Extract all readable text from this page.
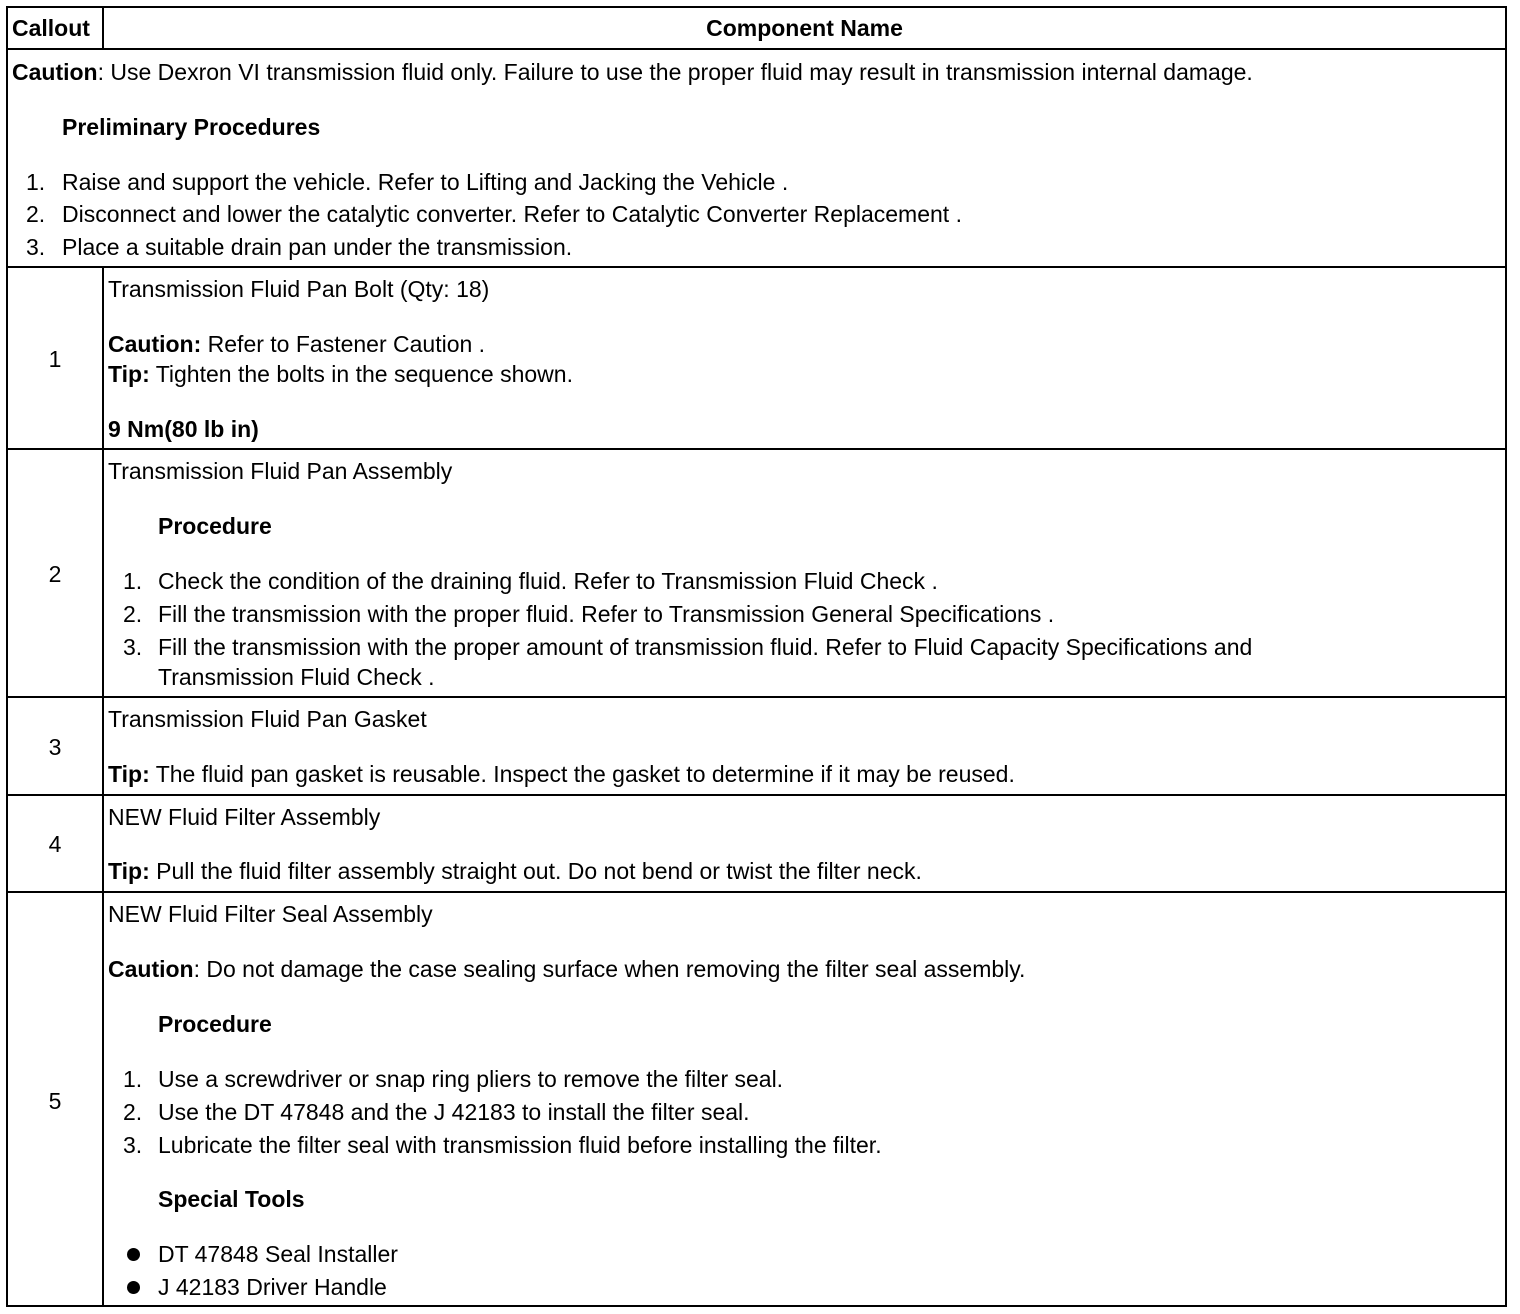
Callout	Component Name
Caution: Use Dexron VI transmission fluid only. Failure to use the proper fluid may result in transmission internal damage.
Preliminary Procedures
1. Raise and support the vehicle. Refer to Lifting and Jacking the Vehicle .
2. Disconnect and lower the catalytic converter. Refer to Catalytic Converter Replacement .
3. Place a suitable drain pan under the transmission.
1
Transmission Fluid Pan Bolt (Qty: 18)
Caution: Refer to Fastener Caution .
Tip: Tighten the bolts in the sequence shown.
9 Nm(80 lb in)
2
Transmission Fluid Pan Assembly
Procedure
1. Check the condition of the draining fluid. Refer to Transmission Fluid Check .
2. Fill the transmission with the proper fluid. Refer to Transmission General Specifications .
3. Fill the transmission with the proper amount of transmission fluid. Refer to Fluid Capacity Specifications and
Transmission Fluid Check .
3
Transmission Fluid Pan Gasket
Tip: The fluid pan gasket is reusable. Inspect the gasket to determine if it may be reused.
4
NEW Fluid Filter Assembly
Tip: Pull the fluid filter assembly straight out. Do not bend or twist the filter neck.
5
NEW Fluid Filter Seal Assembly
Caution: Do not damage the case sealing surface when removing the filter seal assembly.
Procedure
1. Use a screwdriver or snap ring pliers to remove the filter seal.
2. Use the DT 47848 and the J 42183 to install the filter seal.
3. Lubricate the filter seal with transmission fluid before installing the filter.
Special Tools
DT 47848 Seal Installer
J 42183 Driver Handle
